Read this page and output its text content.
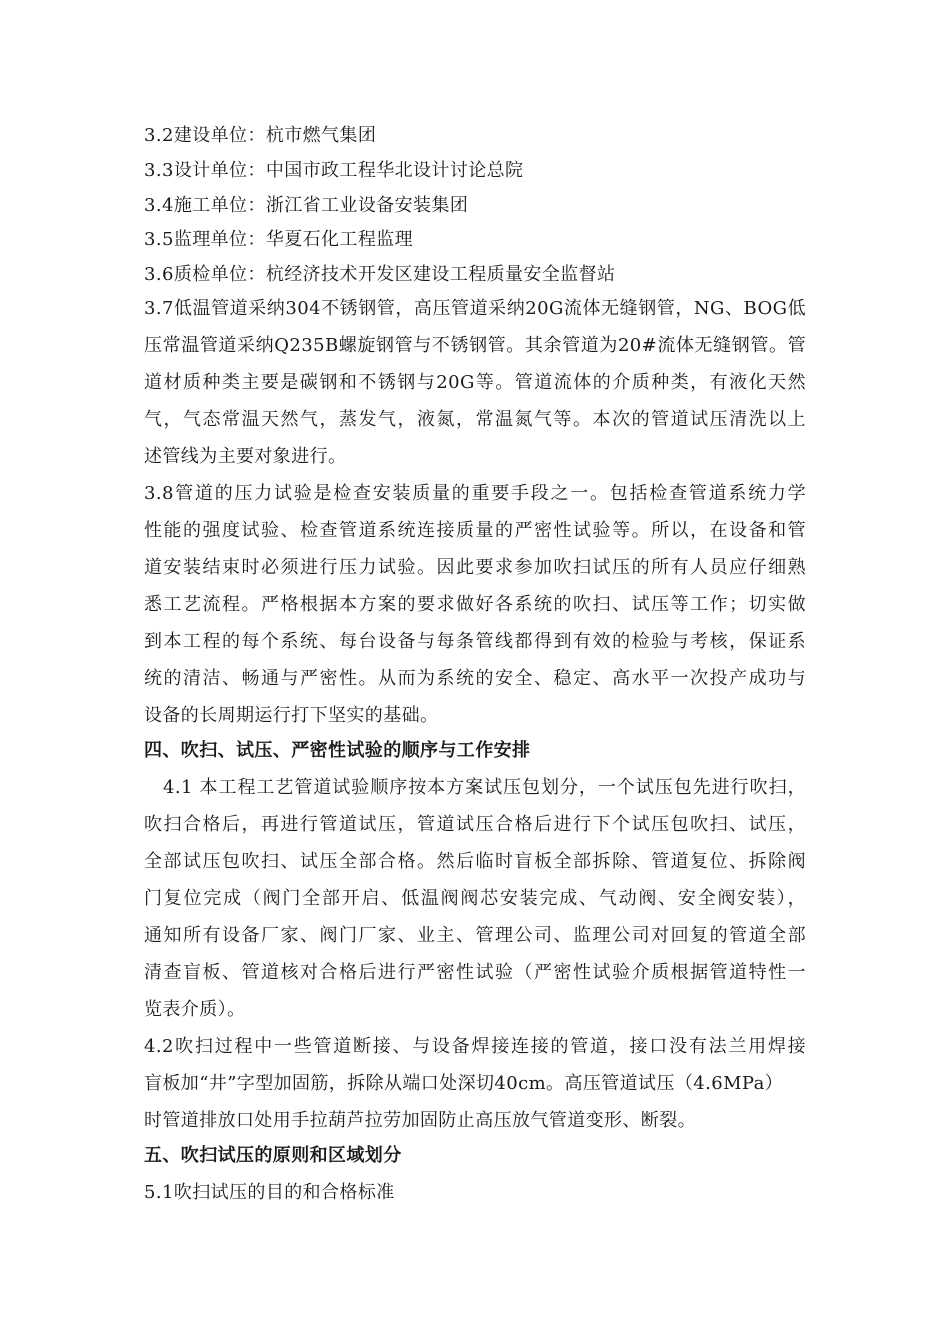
3.2建设单位：杭市燃气集团
3.3设计单位：中国市政工程华北设计讨论总院
3.4施工单位：浙江省工业设备安装集团
3.5监理单位：华夏石化工程监理
3.6质检单位：杭经济技术开发区建设工程质量安全监督站
3.7低温管道采纳304不锈钢管，高压管道采纳20G流体无缝钢管，NG、BOG低
压常温管道采纳Q235B螺旋钢管与不锈钢管。其余管道为20#流体无缝钢管。管
道材质种类主要是碳钢和不锈钢与20G等。管道流体的介质种类，有液化天然
气，气态常温天然气，蒸发气，液氮，常温氮气等。本次的管道试压清洗以上
述管线为主要对象进行。
3.8管道的压力试验是检查安装质量的重要手段之一。包括检查管道系统力学
性能的强度试验、检查管道系统连接质量的严密性试验等。所以，在设备和管
道安装结束时必须进行压力试验。因此要求参加吹扫试压的所有人员应仔细熟
悉工艺流程。严格根据本方案的要求做好各系统的吹扫、试压等工作；切实做
到本工程的每个系统、每台设备与每条管线都得到有效的检验与考核，保证系
统的清洁、畅通与严密性。从而为系统的安全、稳定、高水平一次投产成功与
设备的长周期运行打下坚实的基础。
四、吹扫、试压、严密性试验的顺序与工作安排
4.1 本工程工艺管道试验顺序按本方案试压包划分，一个试压包先进行吹扫，
吹扫合格后，再进行管道试压，管道试压合格后进行下个试压包吹扫、试压，
全部试压包吹扫、试压全部合格。然后临时盲板全部拆除、管道复位、拆除阀
门复位完成（阀门全部开启、低温阀阀芯安装完成、气动阀、安全阀安装），
通知所有设备厂家、阀门厂家、业主、管理公司、监理公司对回复的管道全部
清查盲板、管道核对合格后进行严密性试验（严密性试验介质根据管道特性一
览表介质）。
4.2吹扫过程中一些管道断接、与设备焊接连接的管道，接口没有法兰用焊接
盲板加“井”字型加固筋，拆除从端口处深切40cm。高压管道试压（4.6MPa）
时管道排放口处用手拉葫芦拉劳加固防止高压放气管道变形、断裂。
五、吹扫试压的原则和区域划分
5.1吹扫试压的目的和合格标准
